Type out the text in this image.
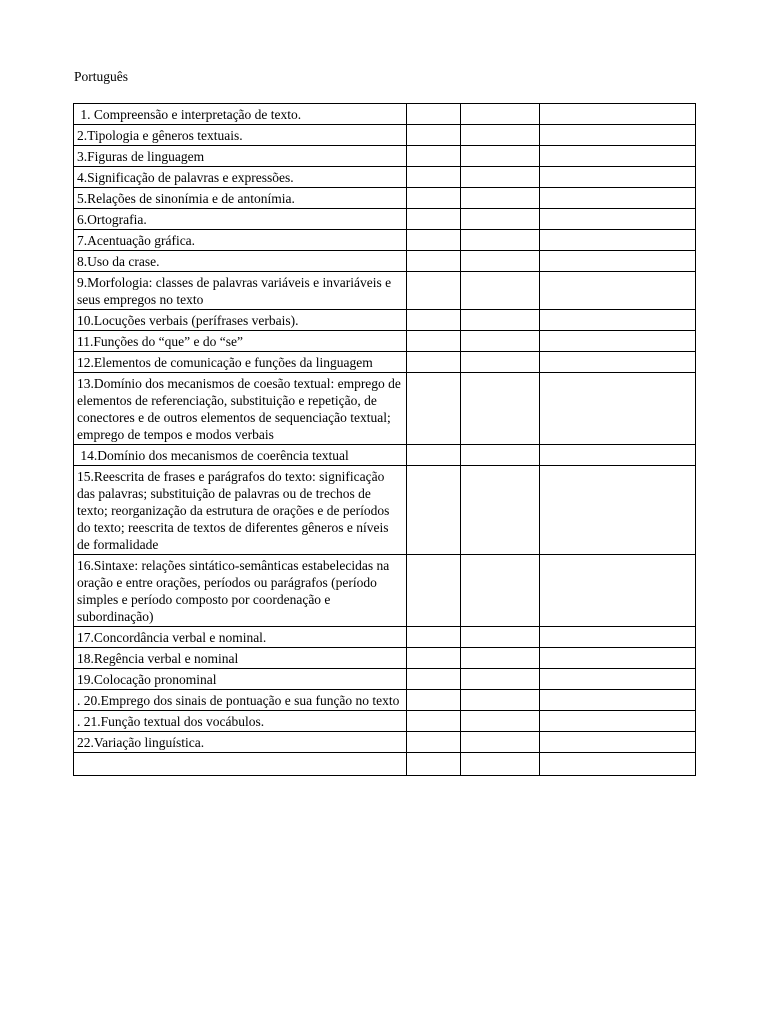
Português
1. Compreensão e interpretação de texto.			
2.Tipologia e gêneros textuais.			
3.Figuras de linguagem			
4.Significação de palavras e expressões.			
5.Relações de sinonímia e de antonímia.			
6.Ortografia.			
7.Acentuação gráfica.			
8.Uso da crase.			
9.Morfologia: classes de palavras variáveis e invariáveis e seus empregos no texto			
10.Locuções verbais (perífrases verbais).			
11.Funções do “que” e do “se”			
12.Elementos de comunicação e funções da linguagem			
13.Domínio dos mecanismos de coesão textual: emprego de elementos de referenciação, substituição e repetição, de conectores e de outros elementos de sequenciação textual; emprego de tempos e modos verbais			
14.Domínio dos mecanismos de coerência textual			
15.Reescrita de frases e parágrafos do texto: significação das palavras; substituição de palavras ou de trechos de texto; reorganização da estrutura de orações e de períodos do texto; reescrita de textos de diferentes gêneros e níveis de formalidade			
16.Sintaxe: relações sintático-semânticas estabelecidas na oração e entre orações, períodos ou parágrafos (período simples e período composto por coordenação e subordinação)			
17.Concordância verbal e nominal.			
18.Regência verbal e nominal			
19.Colocação pronominal			
. 20.Emprego dos sinais de pontuação e sua função no texto			
. 21.Função textual dos vocábulos.			
22.Variação linguística.			
